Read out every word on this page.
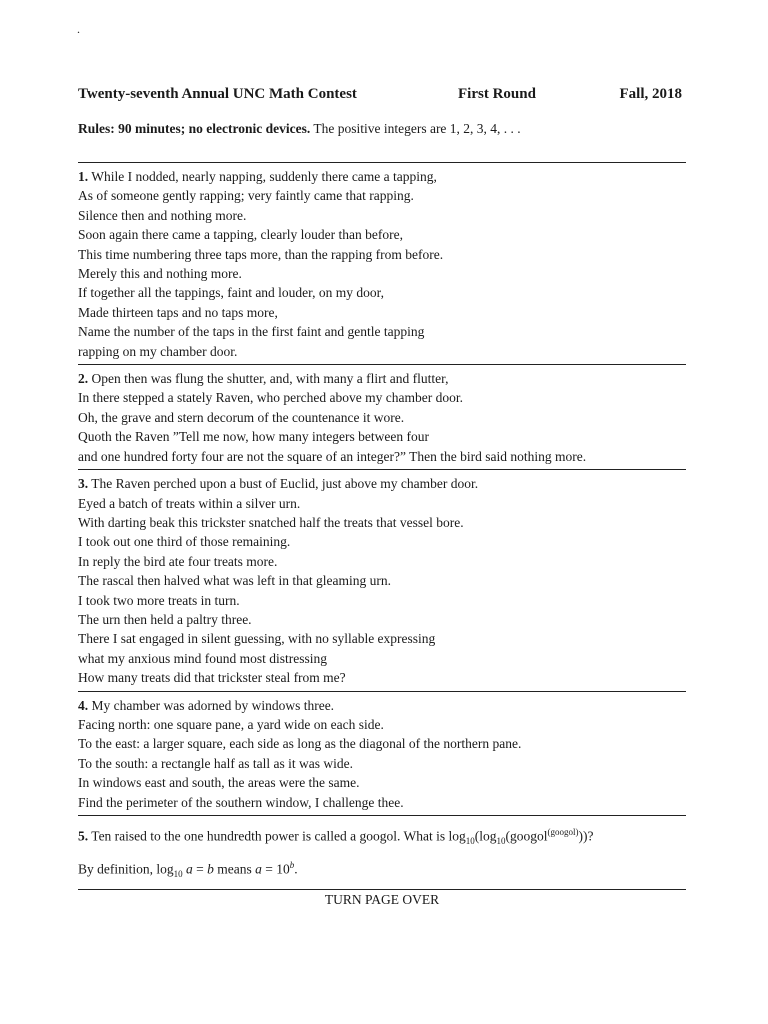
.
Twenty-seventh Annual UNC Math Contest	First Round	Fall, 2018
Rules: 90 minutes; no electronic devices. The positive integers are 1, 2, 3, 4, . . .
1. While I nodded, nearly napping, suddenly there came a tapping,
As of someone gently rapping; very faintly came that rapping.
Silence then and nothing more.
Soon again there came a tapping, clearly louder than before,
This time numbering three taps more, than the rapping from before.
Merely this and nothing more.
If together all the tappings, faint and louder, on my door,
Made thirteen taps and no taps more,
Name the number of the taps in the first faint and gentle tapping
rapping on my chamber door.
2. Open then was flung the shutter, and, with many a flirt and flutter,
In there stepped a stately Raven, who perched above my chamber door.
Oh, the grave and stern decorum of the countenance it wore.
Quoth the Raven ”Tell me now, how many integers between four
and one hundred forty four are not the square of an integer?” Then the bird said nothing more.
3. The Raven perched upon a bust of Euclid, just above my chamber door.
Eyed a batch of treats within a silver urn.
With darting beak this trickster snatched half the treats that vessel bore.
I took out one third of those remaining.
In reply the bird ate four treats more.
The rascal then halved what was left in that gleaming urn.
I took two more treats in turn.
The urn then held a paltry three.
There I sat engaged in silent guessing, with no syllable expressing
what my anxious mind found most distressing
How many treats did that trickster steal from me?
4. My chamber was adorned by windows three.
Facing north: one square pane, a yard wide on each side.
To the east: a larger square, each side as long as the diagonal of the northern pane.
To the south: a rectangle half as tall as it was wide.
In windows east and south, the areas were the same.
Find the perimeter of the southern window, I challenge thee.
5. Ten raised to the one hundredth power is called a googol. What is $\log_{10}(\log_{10}(googol^{(googol)}))$?
By definition, $\log_{10} a = b$ means $a = 10^b$.
TURN PAGE OVER
